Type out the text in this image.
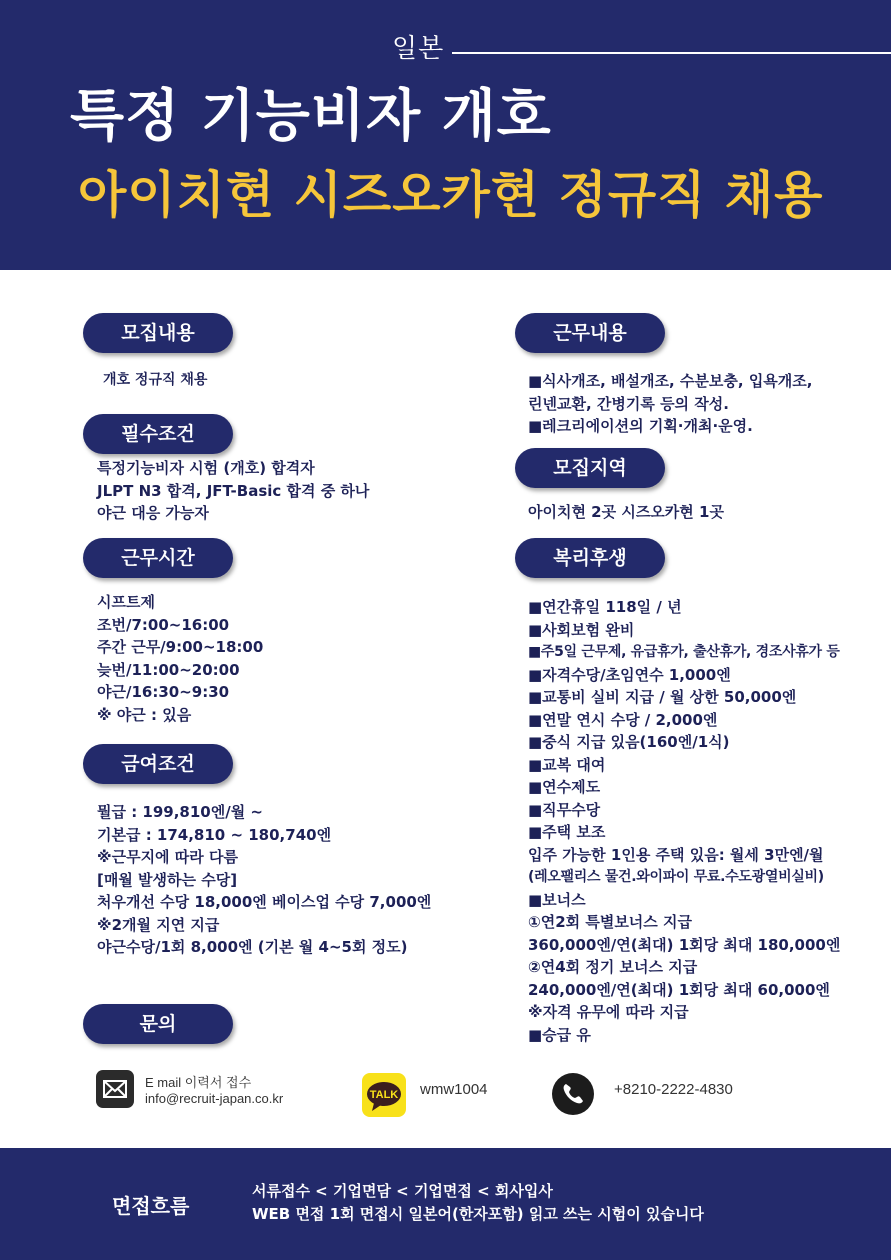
일본
특정 기능비자 개호
아이치현 시즈오카현 정규직 채용
모집내용
개호 정규직 채용
필수조건
특정기능비자 시험 (개호) 합격자
JLPT N3 합격, JFT-Basic 합격 중 하나
야근 대응 가능자
근무시간
시프트제
조번/7:00~16:00
주간 근무/9:00~18:00
늦번/11:00~20:00
야근/16:30~9:30
※ 야근 : 있음
금여조건
뭘급 : 199,810엔/월 ~
기본급 : 174,810 ~ 180,740엔
※근무지에 따라 다름
[매월 발생하는 수당]
처우개선 수당 18,000엔 베이스업 수당 7,000엔
※2개월 지연 지급
야근수당/1회 8,000엔 (기본 월 4~5회 정도)
문의
근무내용
■식사개조, 배설개조, 수분보충, 입욕개조,
린넨교환, 간병기록 등의 작성.
■레크리에이션의 기획·개최·운영.
모집지역
아이치현 2곳 시즈오카현 1곳
복리후생
■연간휴일 118일 / 년
■사회보험 완비
■주5일 근무제, 유급휴가, 출산휴가, 경조사휴가 등
■자격수당/초임연수 1,000엔
■교통비 실비 지급 / 월 상한 50,000엔
■연말 연시 수당 / 2,000엔
■중식 지급 있음(160엔/1식)
■교복 대여
■연수제도
■직무수당
■주택 보조
입주 가능한 1인용 주택 있음: 월세 3만엔/월
(레오팰리스 물건.와이파이 무료.수도광열비실비)
■보너스
①연2회 특별보너스 지급
360,000엔/연(최대) 1회당 최대 180,000엔
②연4회 정기 보너스 지급
240,000엔/연(최대) 1회당 최대 60,000엔
※자격 유무에 따라 지급
■승급 유
E mail 이력서 접수
info@recruit-japan.co.kr	TALK wmw1004	+8210-2222-4830
면접흐름
서류접수 < 기업면담 < 기업면접 < 회사입사
WEB 면접 1회 면접시 일본어(한자포함) 읽고 쓰는 시험이 있습니다
